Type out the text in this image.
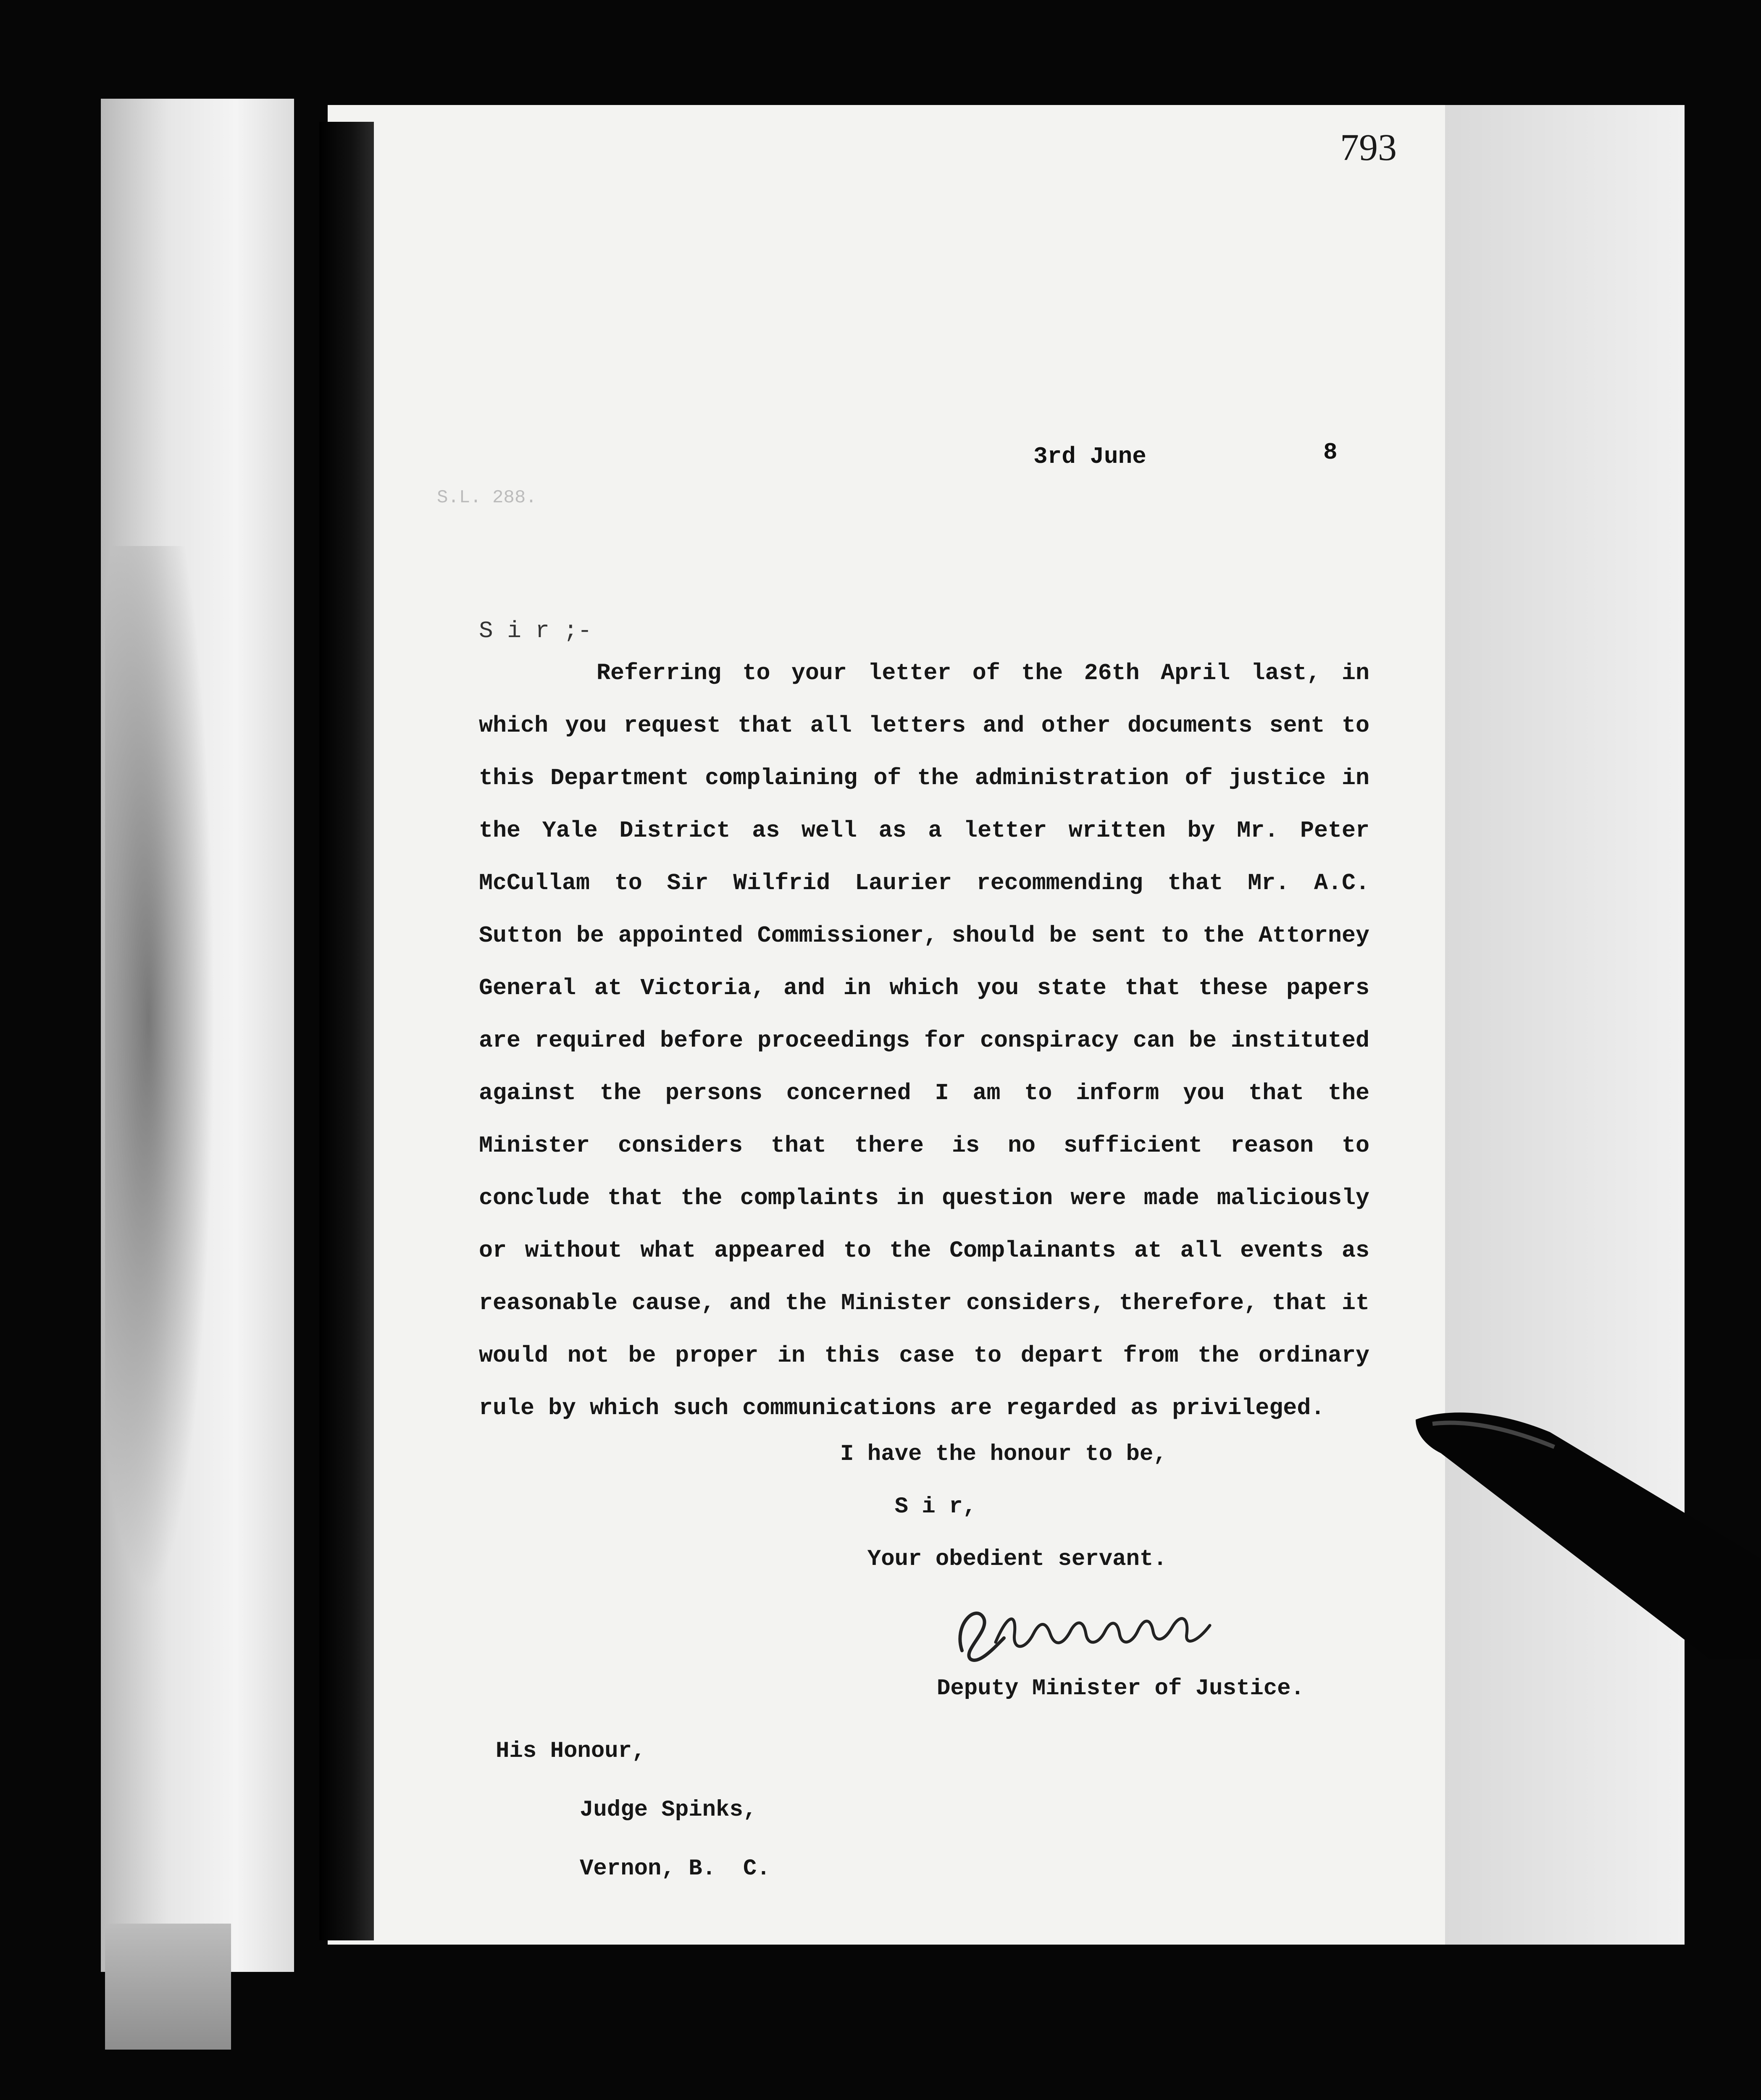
793
3rd June	8
S.L. 288.
S i r ;-
Referring to your letter of the 26th April last, in which you request that all letters and other documents sent to this Department complaining of the administration of justice in the Yale District as well as a letter written by Mr. Peter McCullam to Sir Wilfrid Laurier recommending that Mr. A.C. Sutton be appointed Commissioner, should be sent to the Attorney General at Victoria, and in which you state that these papers are required before proceedings for conspiracy can be instituted against the persons concerned I am to inform you that the Minister considers that there is no sufficient reason to conclude that the complaints in question were made maliciously or without what appeared to the Complainants at all events as reasonable cause, and the Minister considers, therefore, that it would not be proper in this case to depart from the ordinary rule by which such communications are regarded as privileged.
I have the honour to be,
S i r,
Your obedient servant.
Deputy Minister of Justice.
His Honour,
Judge Spinks,
Vernon, B.  C.
